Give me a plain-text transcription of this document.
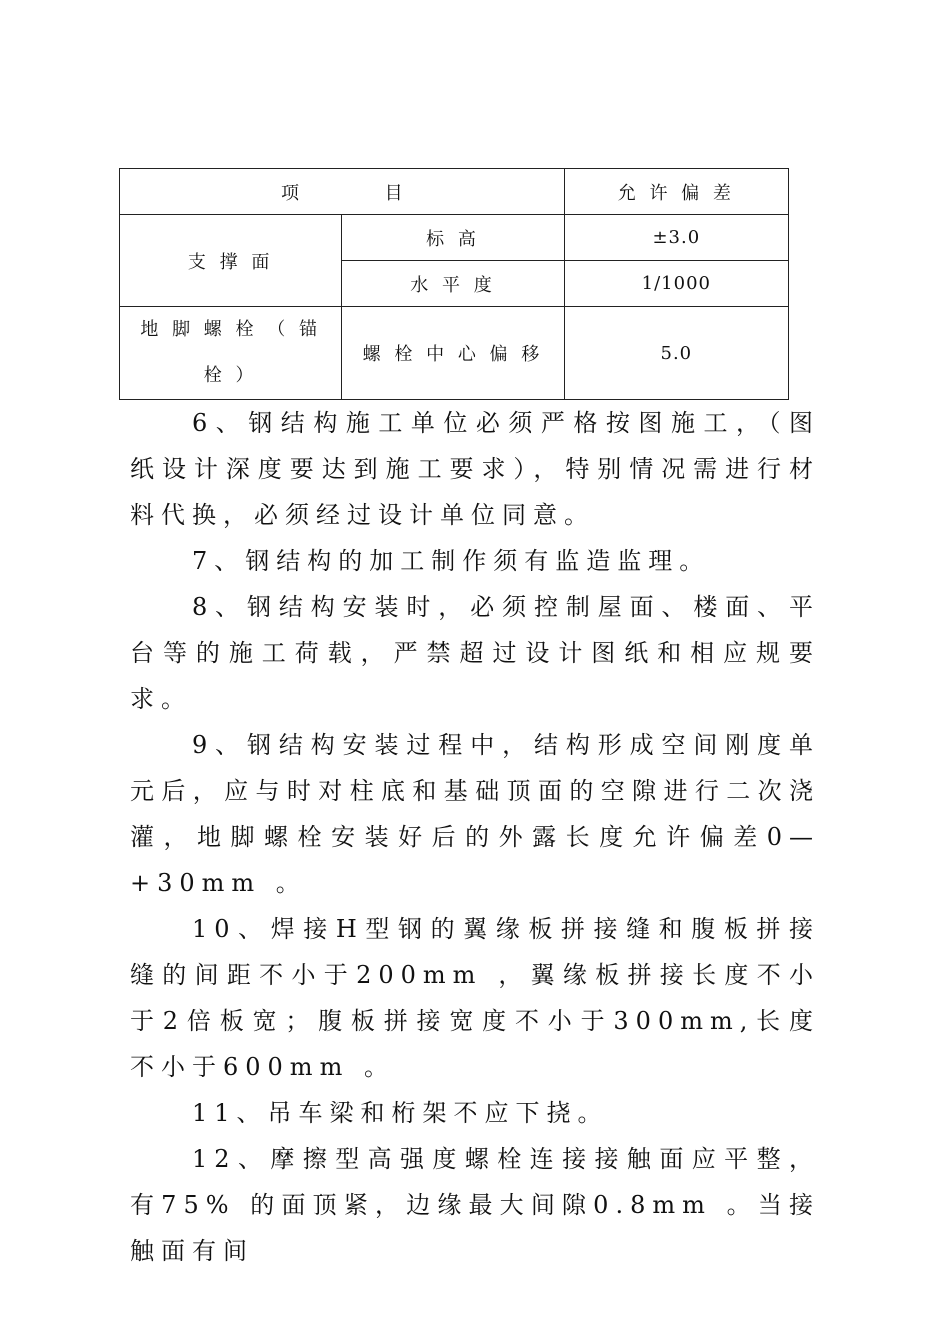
项 目		允 许 偏 差
支 撑 面	标 高	±3.0
	水 平 度	1/1000
地 脚 螺 栓 （ 锚 栓 ）	螺 栓 中 心 偏 移	5.0

6、钢结构施工单位必须严格按图施工，（图纸设计深度要达到施工要求），特别情况需进行材料代换，必须经过设计单位同意。

7、钢结构的加工制作须有监造监理。

8、钢结构安装时，必须控制屋面、楼面、平台等的施工荷载，严禁超过设计图纸和相应规要求。

9、钢结构安装过程中，结构形成空间刚度单元后，应与时对柱底和基础顶面的空隙进行二次浇灌，地脚螺栓安装好后的外露长度允许偏差0—+30mm 。

10、焊接H型钢的翼缘板拼接缝和腹板拼接缝的间距不小于200mm ，翼缘板拼接长度不小于2倍板宽；腹板拼接宽度不小于300mm,长度不小于600mm 。

11、吊车梁和桁架不应下挠。

12、摩擦型高强度螺栓连接接触面应平整，有75% 的面顶紧，边缘最大间隙0.8mm 。当接触面有间
